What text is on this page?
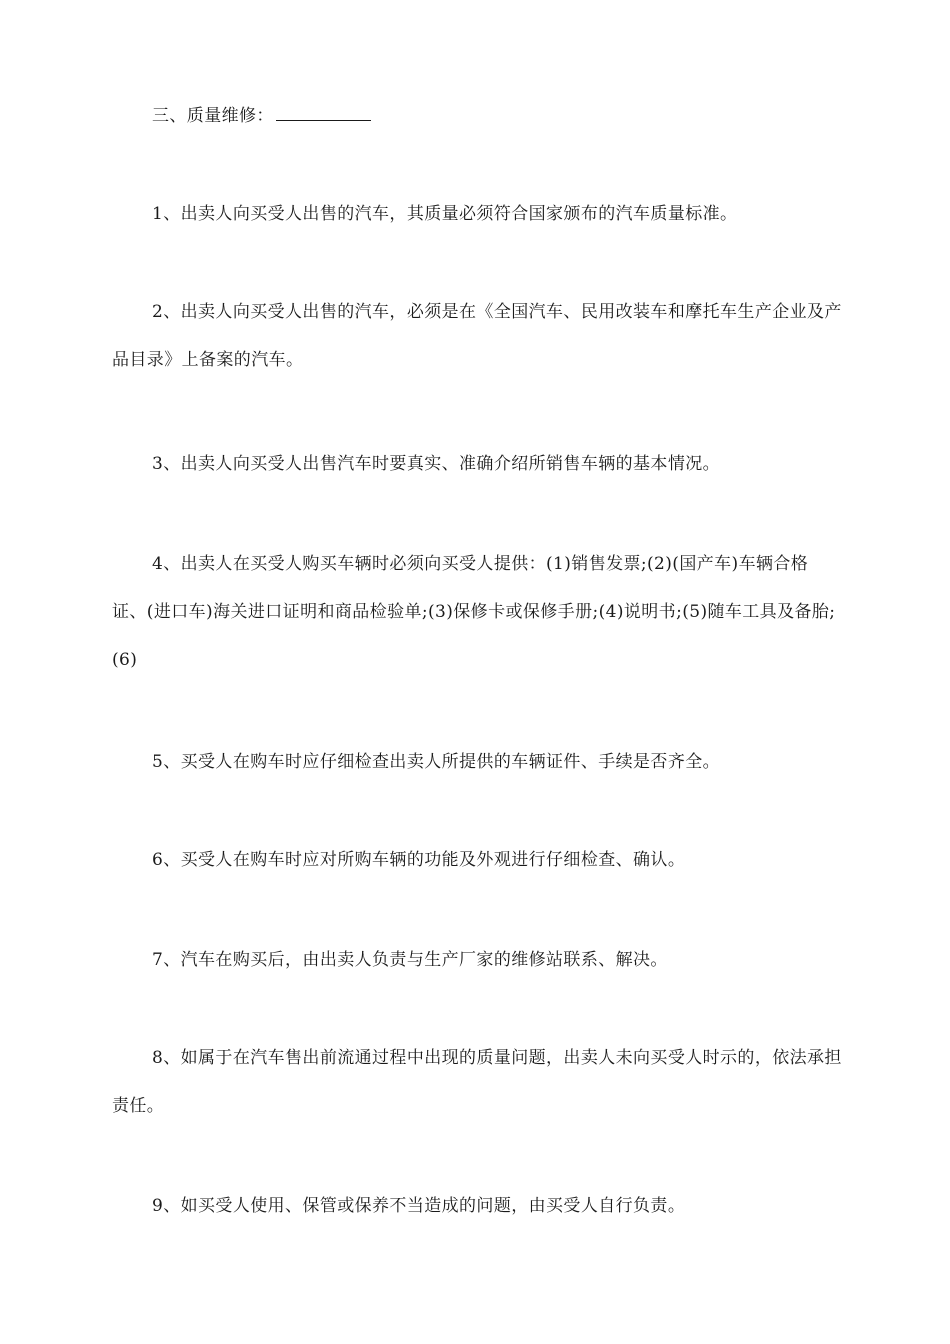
三、质量维修：

1、出卖人向买受人出售的汽车，其质量必须符合国家颁布的汽车质量标准。

2、出卖人向买受人出售的汽车，必须是在《全国汽车、民用改装车和摩托车生产企业及产品目录》上备案的汽车。

3、出卖人向买受人出售汽车时要真实、准确介绍所销售车辆的基本情况。

4、出卖人在买受人购买车辆时必须向买受人提供：(1)销售发票;(2)(国产车)车辆合格证、(进口车)海关进口证明和商品检验单;(3)保修卡或保修手册;(4)说明书;(5)随车工具及备胎; (6)

5、买受人在购车时应仔细检查出卖人所提供的车辆证件、手续是否齐全。

6、买受人在购车时应对所购车辆的功能及外观进行仔细检查、确认。

7、汽车在购买后，由出卖人负责与生产厂家的维修站联系、解决。

8、如属于在汽车售出前流通过程中出现的质量问题，出卖人未向买受人时示的，依法承担责任。

9、如买受人使用、保管或保养不当造成的问题，由买受人自行负责。
